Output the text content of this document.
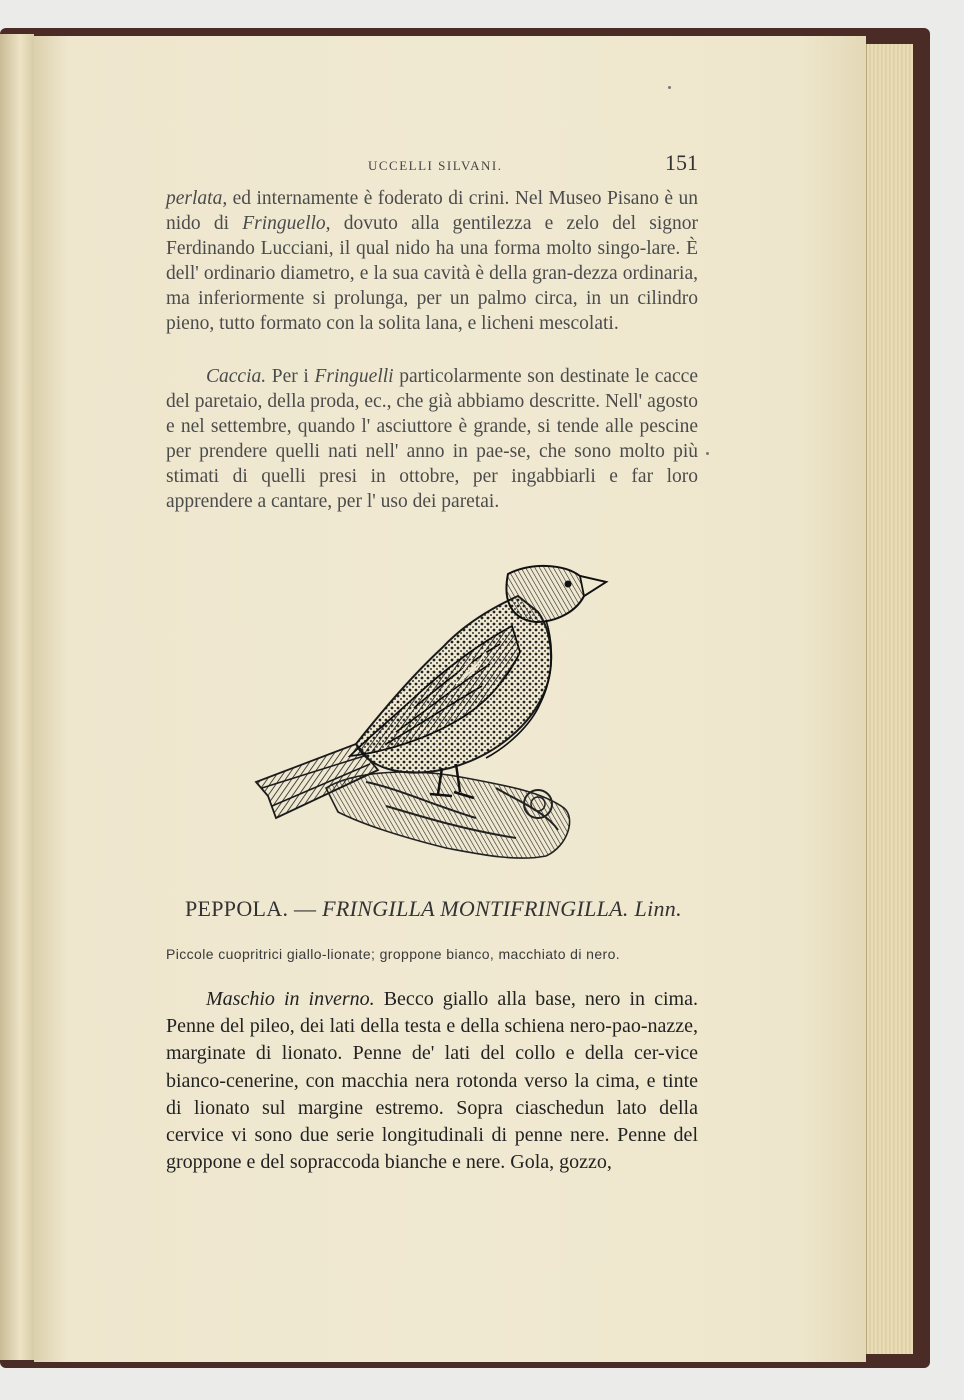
UCCELLI SILVANI.	151

perlata, ed internamente è foderato di crini. Nel Museo Pisano è un nido di Fringuello, dovuto alla gentilezza e zelo del signor Ferdinando Lucciani, il qual nido ha una forma molto singo-lare. È dell' ordinario diametro, e la sua cavità è della gran-dezza ordinaria, ma inferiormente si prolunga, per un palmo circa, in un cilindro pieno, tutto formato con la solita lana, e licheni mescolati.

Caccia. Per i Fringuelli particolarmente son destinate le cacce del paretaio, della proda, ec., che già abbiamo descritte. Nell' agosto e nel settembre, quando l' asciuttore è grande, si tende alle pescine per prendere quelli nati nell' anno in pae-se, che sono molto più stimati di quelli presi in ottobre, per ingabbiarli e far loro apprendere a cantare, per l' uso dei paretai.

PEPPOLA. — FRINGILLA MONTIFRINGILLA. Linn.
Piccole cuopritrici giallo-lionate; groppone bianco, macchiato di nero.

Maschio in inverno. Becco giallo alla base, nero in cima. Penne del pileo, dei lati della testa e della schiena nero-pao-nazze, marginate di lionato. Penne de' lati del collo e della cer-vice bianco-cenerine, con macchia nera rotonda verso la cima, e tinte di lionato sul margine estremo. Sopra ciaschedun lato della cervice vi sono due serie longitudinali di penne nere. Penne del groppone e del sopraccoda bianche e nere. Gola, gozzo,
